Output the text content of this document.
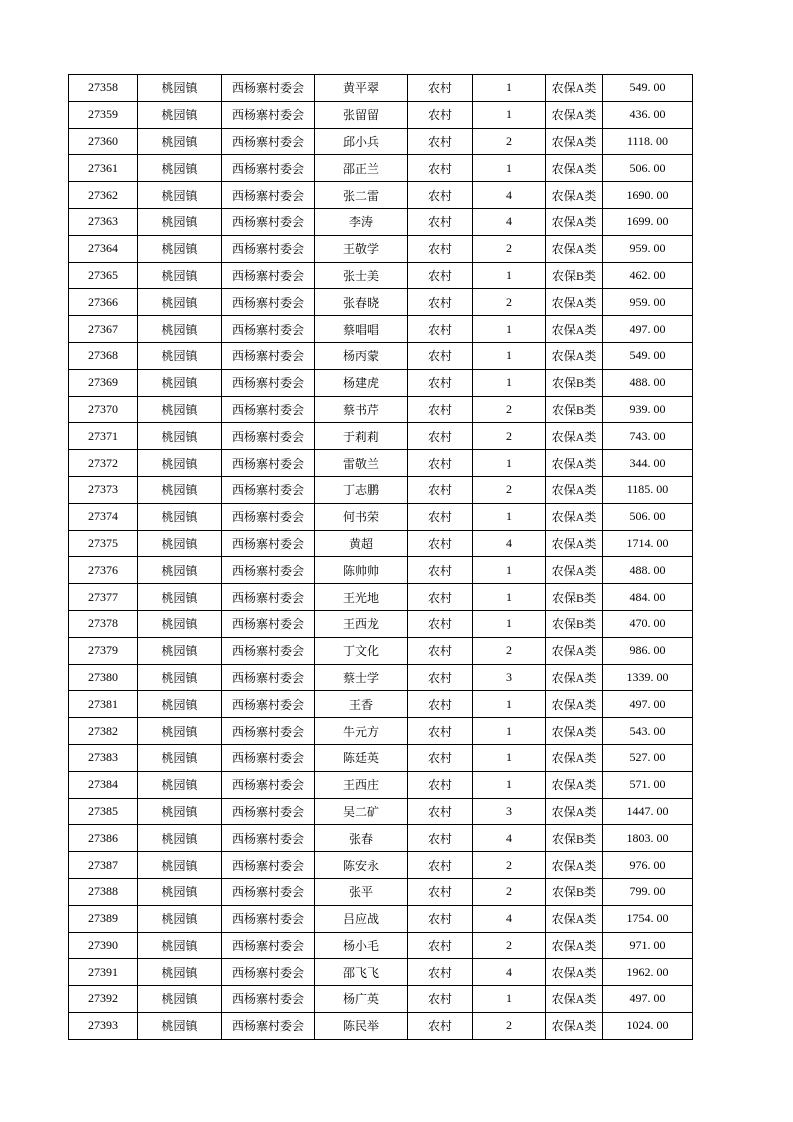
27358	桃园镇	西杨寨村委会	黄平翠	农村	1	农保A类	549. 00
27359	桃园镇	西杨寨村委会	张留留	农村	1	农保A类	436. 00
27360	桃园镇	西杨寨村委会	邱小兵	农村	2	农保A类	1118. 00
27361	桃园镇	西杨寨村委会	邵正兰	农村	1	农保A类	506. 00
27362	桃园镇	西杨寨村委会	张二雷	农村	4	农保A类	1690. 00
27363	桃园镇	西杨寨村委会	李涛	农村	4	农保A类	1699. 00
27364	桃园镇	西杨寨村委会	王敬学	农村	2	农保A类	959. 00
27365	桃园镇	西杨寨村委会	张士美	农村	1	农保B类	462. 00
27366	桃园镇	西杨寨村委会	张春晓	农村	2	农保A类	959. 00
27367	桃园镇	西杨寨村委会	蔡唱唱	农村	1	农保A类	497. 00
27368	桃园镇	西杨寨村委会	杨丙蒙	农村	1	农保A类	549. 00
27369	桃园镇	西杨寨村委会	杨建虎	农村	1	农保B类	488. 00
27370	桃园镇	西杨寨村委会	蔡书芹	农村	2	农保B类	939. 00
27371	桃园镇	西杨寨村委会	于莉莉	农村	2	农保A类	743. 00
27372	桃园镇	西杨寨村委会	雷敬兰	农村	1	农保A类	344. 00
27373	桃园镇	西杨寨村委会	丁志鹏	农村	2	农保A类	1185. 00
27374	桃园镇	西杨寨村委会	何书荣	农村	1	农保A类	506. 00
27375	桃园镇	西杨寨村委会	黄超	农村	4	农保A类	1714. 00
27376	桃园镇	西杨寨村委会	陈帅帅	农村	1	农保A类	488. 00
27377	桃园镇	西杨寨村委会	王光地	农村	1	农保B类	484. 00
27378	桃园镇	西杨寨村委会	王西龙	农村	1	农保B类	470. 00
27379	桃园镇	西杨寨村委会	丁文化	农村	2	农保A类	986. 00
27380	桃园镇	西杨寨村委会	蔡士学	农村	3	农保A类	1339. 00
27381	桃园镇	西杨寨村委会	王香	农村	1	农保A类	497. 00
27382	桃园镇	西杨寨村委会	牛元方	农村	1	农保A类	543. 00
27383	桃园镇	西杨寨村委会	陈廷英	农村	1	农保A类	527. 00
27384	桃园镇	西杨寨村委会	王西庄	农村	1	农保A类	571. 00
27385	桃园镇	西杨寨村委会	吴二矿	农村	3	农保A类	1447. 00
27386	桃园镇	西杨寨村委会	张春	农村	4	农保B类	1803. 00
27387	桃园镇	西杨寨村委会	陈安永	农村	2	农保A类	976. 00
27388	桃园镇	西杨寨村委会	张平	农村	2	农保B类	799. 00
27389	桃园镇	西杨寨村委会	吕应战	农村	4	农保A类	1754. 00
27390	桃园镇	西杨寨村委会	杨小毛	农村	2	农保A类	971. 00
27391	桃园镇	西杨寨村委会	邵飞飞	农村	4	农保A类	1962. 00
27392	桃园镇	西杨寨村委会	杨广英	农村	1	农保A类	497. 00
27393	桃园镇	西杨寨村委会	陈民举	农村	2	农保A类	1024. 00
